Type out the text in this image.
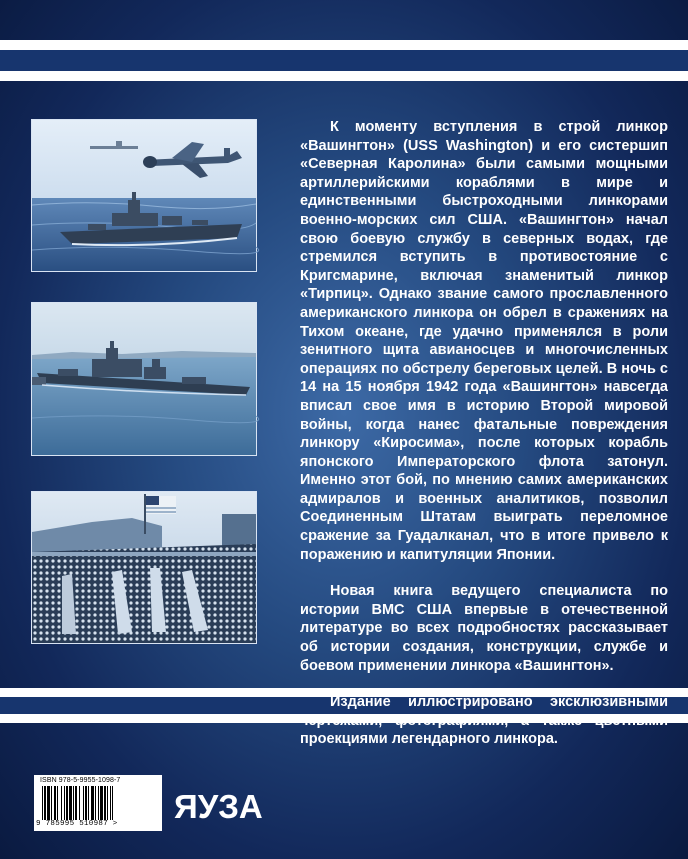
К моменту вступления в строй линкор «Вашингтон» (USS Washington) и его систершип «Северная Каролина» были самыми мощными артиллерийскими кораблями в мире и единственными быстроходными линкорами военно-морских сил США. «Вашингтон» начал свою боевую службу в северных водах, где стремился вступить в противостояние с Кригсмарине, включая знаменитый линкор «Тирпиц». Однако звание самого прославленного американского линкора он обрел в сражениях на Тихом океане, где удачно применялся в роли зенитного щита авианосцев и многочисленных операциях по обстрелу береговых целей. В ночь с 14 на 15 ноября 1942 года «Вашингтон» навсегда вписал свое имя в историю Второй мировой войны, когда нанес фатальные повреждения линкору «Киросима», после которых корабль японского Императорского флота затонул. Именно этот бой, по мнению самих американских адмиралов и военных аналитиков, позволил Соединенным Штатам выиграть переломное сражение за Гуадалканал, что в итоге привело к поражению и капитуляции Японии.

Новая книга ведущего специалиста по истории ВМС США впервые в отечественной литературе во всех подробностях рассказывает об истории создания, конструкции, службе и боевом применении линкора «Вашингтон».

Издание иллюстрировано эксклюзивными чертежами, фотографиями, а также цветными проекциями легендарного линкора.

ISBN 978-5-9955-1098-7
9 785995 510987 > ЯУЗА
